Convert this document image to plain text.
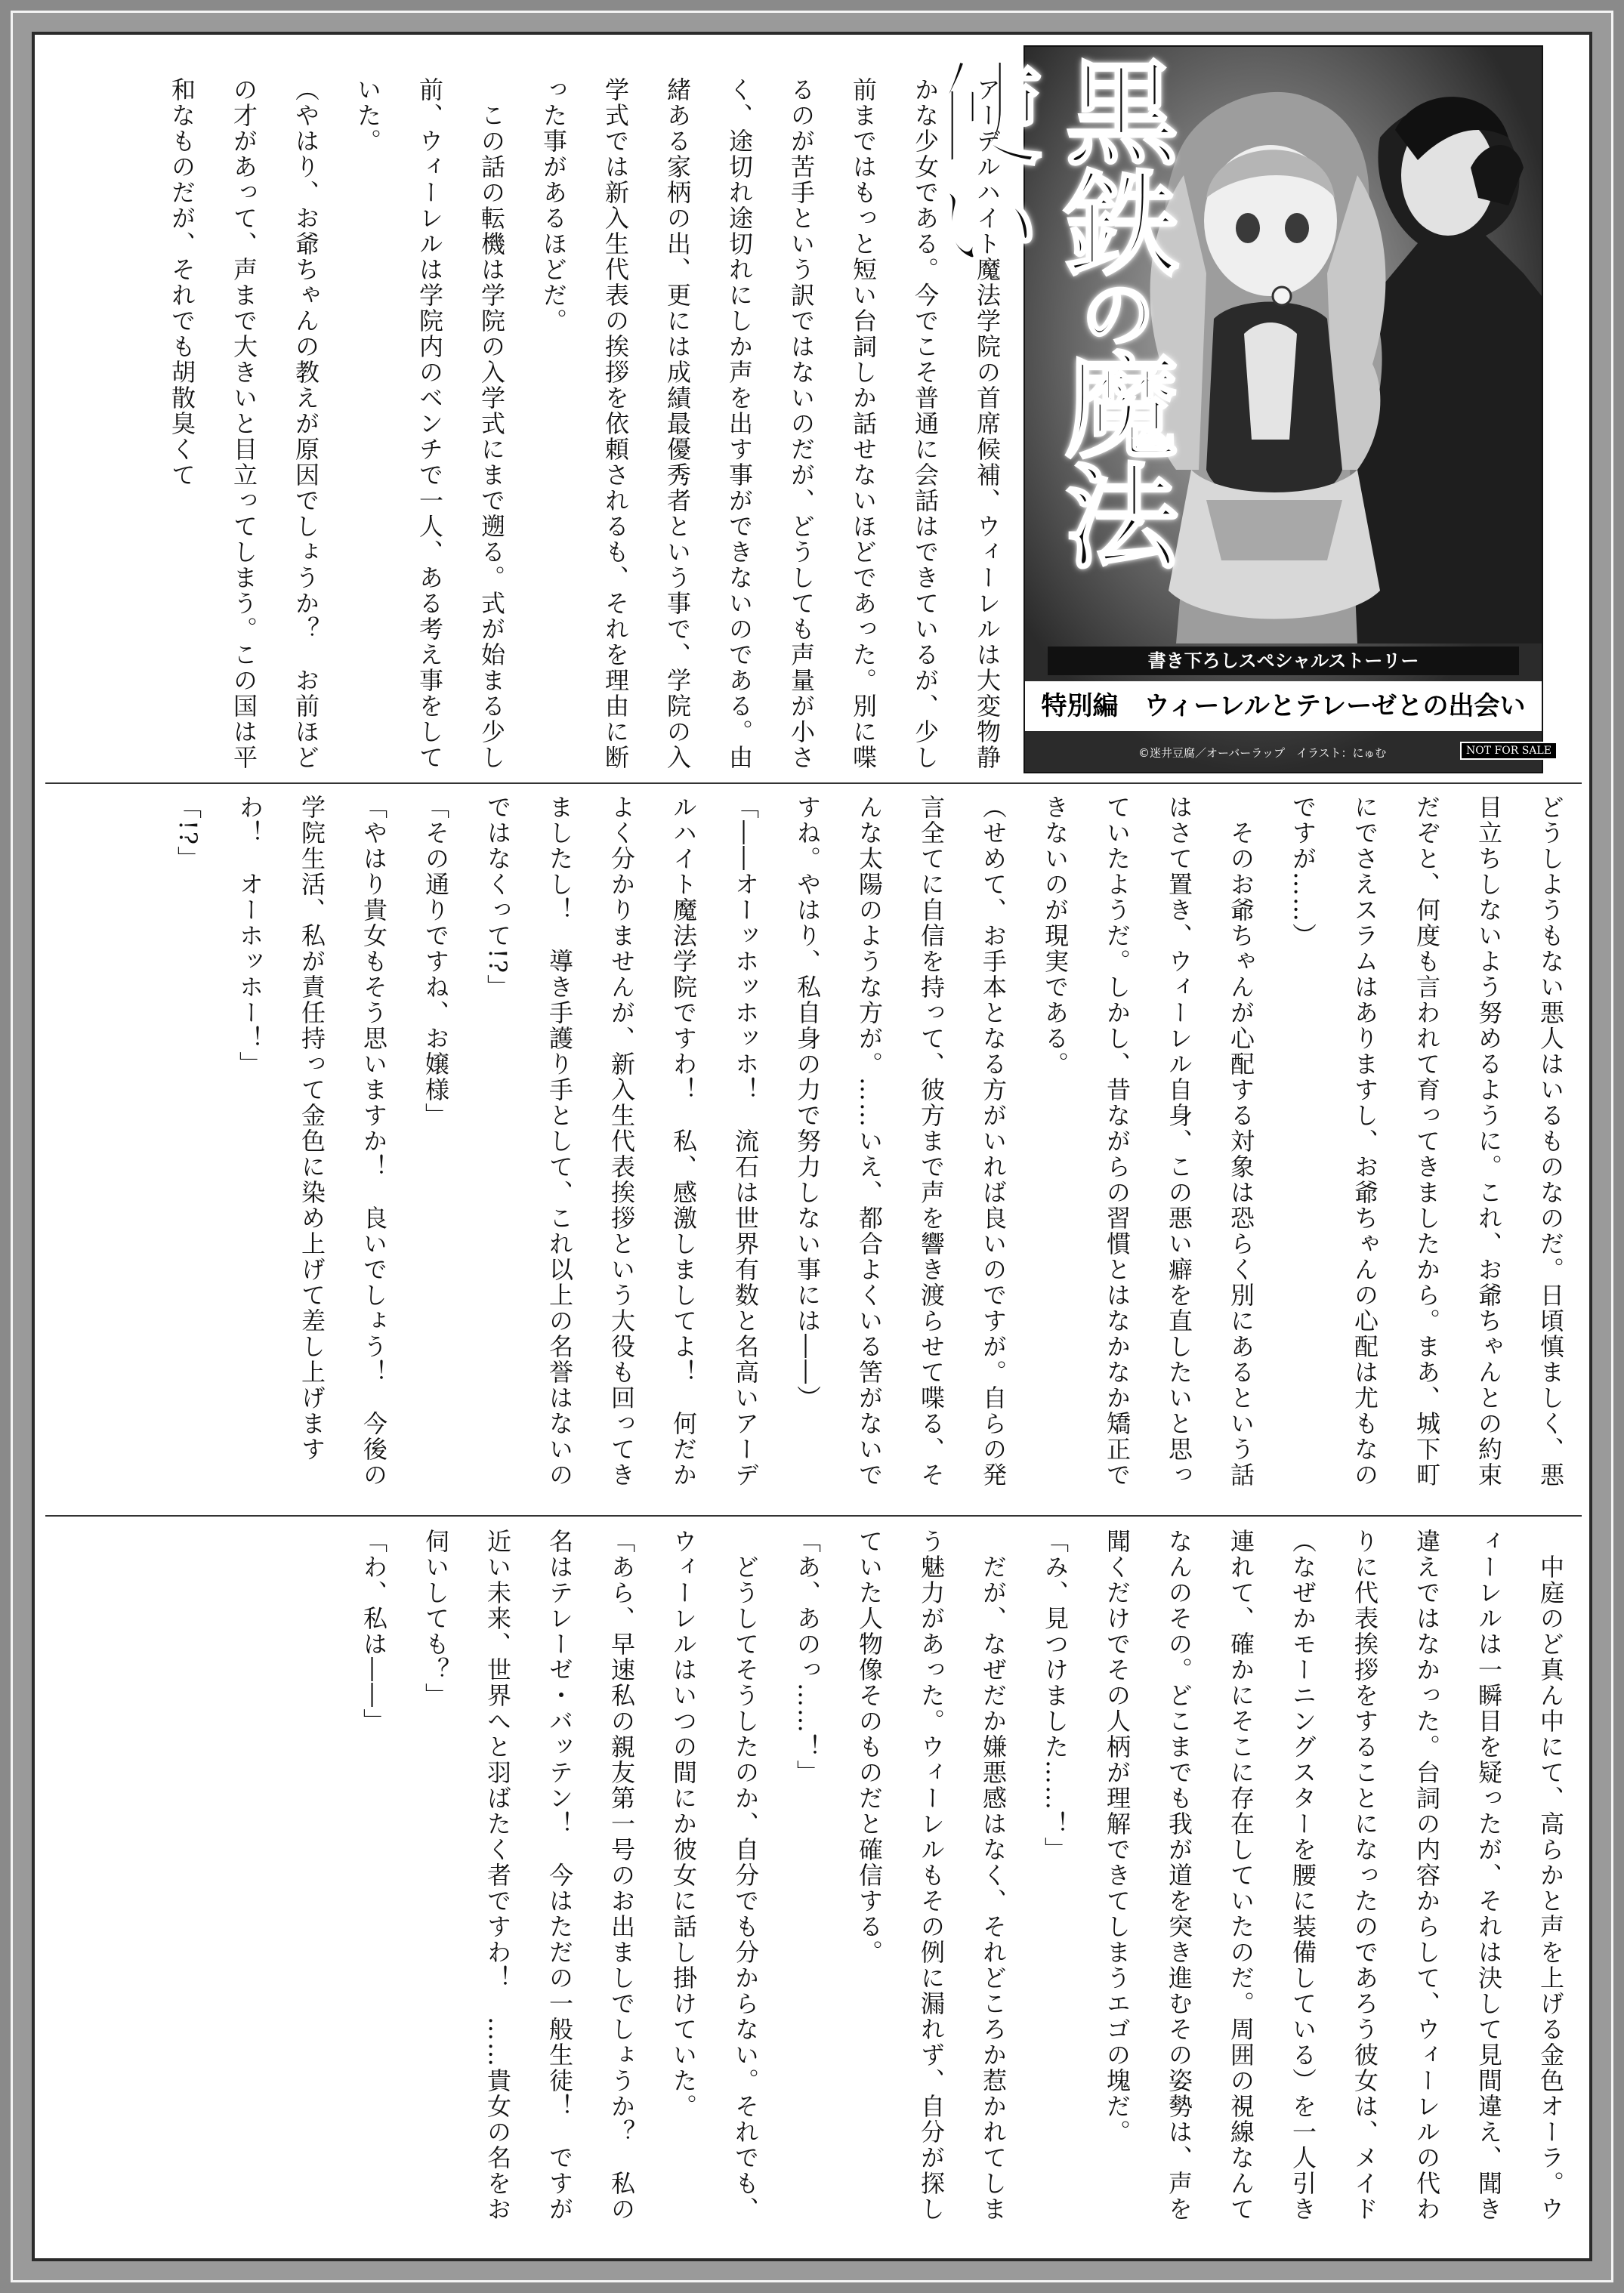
黒鉄の魔法使い
書き下ろしスペシャルストーリー
特別編　ウィーレルとテレーゼとの出会い
©迷井豆腐／オーバーラップ　イラスト：にゅむ	NOT FOR SALE
アーデルハイト魔法学院の首席候補、ウィーレルは大変物静かな少女である。今でこそ普通に会話はできているが、少し前まではもっと短い台詞しか話せないほどであった。別に喋るのが苦手という訳ではないのだが、どうしても声量が小さく、途切れ途切れにしか声を出す事ができないのである。由緒ある家柄の出、更には成績最優秀者という事で、学院の入学式では新入生代表の挨拶を依頼されるも、それを理由に断った事があるほどだ。
　この話の転機は学院の入学式にまで遡る。式が始まる少し前、ウィーレルは学院内のベンチで一人、ある考え事をしていた。
（やはり、お爺ちゃんの教えが原因でしょうか？　お前ほどの才があって、声まで大きいと目立ってしまう。この国は平和なものだが、それでも胡散臭くて
どうしようもない悪人はいるものなのだ。日頃慎ましく、悪目立ちしないよう努めるように。これ、お爺ちゃんとの約束だぞと、何度も言われて育ってきましたから。まあ、城下町にでさえスラムはありますし、お爺ちゃんの心配は尤もなのですが……）
　そのお爺ちゃんが心配する対象は恐らく別にあるという話はさて置き、ウィーレル自身、この悪い癖を直したいと思っていたようだ。しかし、昔ながらの習慣とはなかなか矯正できないのが現実である。
（せめて、お手本となる方がいれば良いのですが。自らの発言全てに自信を持って、彼方まで声を響き渡らせて喋る、そんな太陽のような方が。……いえ、都合よくいる筈がないですね。やはり、私自身の力で努力しない事には――）
「――オーッホッホッホ！　流石は世界有数と名高いアーデルハイト魔法学院ですわ！　私、感激しましてよ！　何だかよく分かりませんが、新入生代表挨拶という大役も回ってきましたし！　導き手護り手として、これ以上の名誉はないのではなくって!?」
「その通りですね、お嬢様」
「やはり貴女もそう思いますか！　良いでしょう！　今後の学院生活、私が責任持って金色に染め上げて差し上げますわ！　オーホッホー！」
「!?」
　中庭のど真ん中にて、高らかと声を上げる金色オーラ。ウィーレルは一瞬目を疑ったが、それは決して見間違え、聞き違えではなかった。台詞の内容からして、ウィーレルの代わりに代表挨拶をすることになったのであろう彼女は、メイド（なぜかモーニングスターを腰に装備している）を一人引き連れて、確かにそこに存在していたのだ。周囲の視線なんてなんのその。どこまでも我が道を突き進むその姿勢は、声を聞くだけでその人柄が理解できてしまうエゴの塊だ。
「み、見つけました……！」
　だが、なぜだか嫌悪感はなく、それどころか惹かれてしまう魅力があった。ウィーレルもその例に漏れず、自分が探していた人物像そのものだと確信する。
「あ、あのっ……！」
　どうしてそうしたのか、自分でも分からない。それでも、ウィーレルはいつの間にか彼女に話し掛けていた。
「あら、早速私の親友第一号のお出ましでしょうか？　私の名はテレーゼ・バッテン！　今はただの一般生徒！　ですが近い未来、世界へと羽ばたく者ですわ！　……貴女の名をお伺いしても？」
「わ、私は――」
